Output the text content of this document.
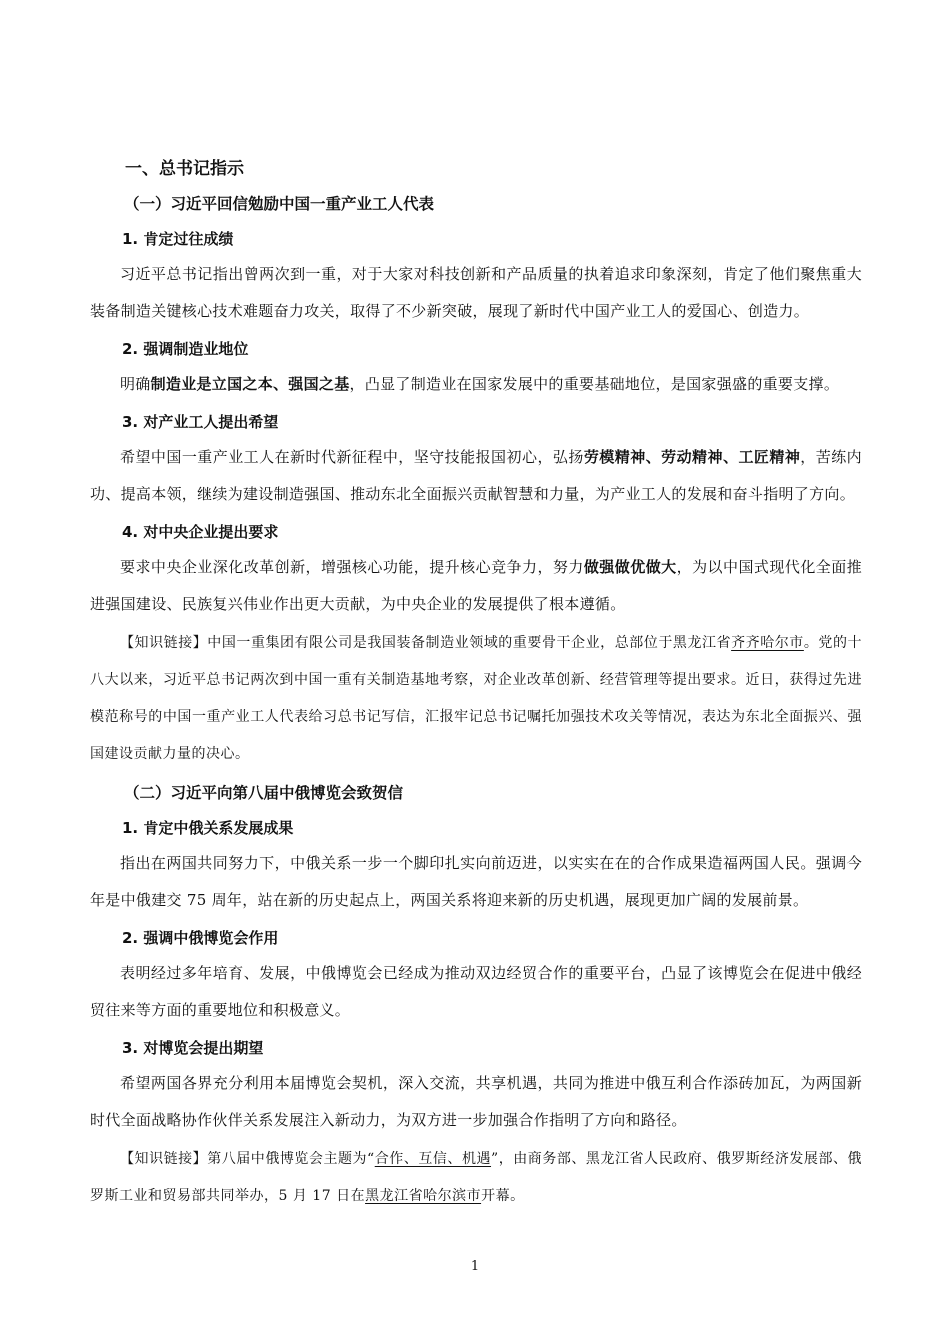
一、总书记指示
（一）习近平回信勉励中国一重产业工人代表
1. 肯定过往成绩

习近平总书记指出曾两次到一重，对于大家对科技创新和产品质量的执着追求印象深刻，肯定了他们聚焦重大装备制造关键核心技术难题奋力攻关，取得了不少新突破，展现了新时代中国产业工人的爱国心、创造力。

2. 强调制造业地位

明确制造业是立国之本、强国之基，凸显了制造业在国家发展中的重要基础地位，是国家强盛的重要支撑。

3. 对产业工人提出希望

希望中国一重产业工人在新时代新征程中，坚守技能报国初心，弘扬劳模精神、劳动精神、工匠精神，苦练内功、提高本领，继续为建设制造强国、推动东北全面振兴贡献智慧和力量，为产业工人的发展和奋斗指明了方向。

4. 对中央企业提出要求

要求中央企业深化改革创新，增强核心功能，提升核心竞争力，努力做强做优做大，为以中国式现代化全面推进强国建设、民族复兴伟业作出更大贡献，为中央企业的发展提供了根本遵循。

【知识链接】中国一重集团有限公司是我国装备制造业领域的重要骨干企业，总部位于黑龙江省齐齐哈尔市。党的十八大以来，习近平总书记两次到中国一重有关制造基地考察，对企业改革创新、经营管理等提出要求。近日，获得过先进模范称号的中国一重产业工人代表给习总书记写信，汇报牢记总书记嘱托加强技术攻关等情况，表达为东北全面振兴、强国建设贡献力量的决心。

（二）习近平向第八届中俄博览会致贺信
1. 肯定中俄关系发展成果

指出在两国共同努力下，中俄关系一步一个脚印扎实向前迈进，以实实在在的合作成果造福两国人民。强调今年是中俄建交 75 周年，站在新的历史起点上，两国关系将迎来新的历史机遇，展现更加广阔的发展前景。

2. 强调中俄博览会作用

表明经过多年培育、发展，中俄博览会已经成为推动双边经贸合作的重要平台，凸显了该博览会在促进中俄经贸往来等方面的重要地位和积极意义。

3. 对博览会提出期望

希望两国各界充分利用本届博览会契机，深入交流，共享机遇，共同为推进中俄互利合作添砖加瓦，为两国新时代全面战略协作伙伴关系发展注入新动力，为双方进一步加强合作指明了方向和路径。

【知识链接】第八届中俄博览会主题为“合作、互信、机遇”，由商务部、黑龙江省人民政府、俄罗斯经济发展部、俄罗斯工业和贸易部共同举办，5 月 17 日在黑龙江省哈尔滨市开幕。

1
